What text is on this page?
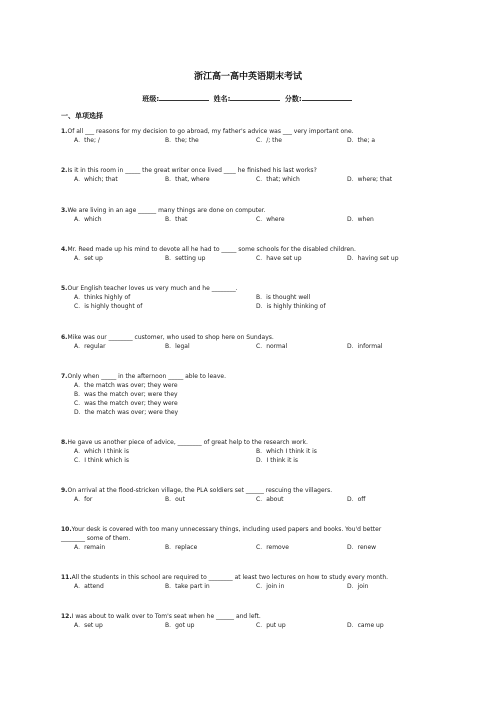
浙江高一高中英语期末考试
班级:	姓名:	分数:
一、单项选择
1.Of all ___ reasons for my decision to go abroad, my father's advice was ___ very important one.
A．the; /	B．the; the	C．/; the	D．the; a
2.Is it in this room in _____ the great writer once lived ____ he finished his last works?
A．which; that	B．that, where	C．that; which	D．where; that
3.We are living in an age ______ many things are done on computer.
A．which	B．that	C．where	D．when
4.Mr. Reed made up his mind to devote all he had to _____ some schools for the disabled children.
A．set up	B．setting up	C．have set up	D．having set up
5.Our English teacher loves us very much and he ________.
A．thinks highly of	B．is thought well
C．is highly thought of	D．is highly thinking of
6.Mike was our ________ customer, who used to shop here on Sundays.
A．regular	B．legal	C．normal	D．informal
7.Only when _____ in the afternoon _____ able to leave.
A．the match was over; they were
B．was the match over; were they
C．was the match over; they were
D．the match was over; were they
8.He gave us another piece of advice, ________ of great help to the research work.
A．which I think is	B．which I think it is
C．I think which is	D．I think it is
9.On arrival at the flood-stricken village, the PLA soldiers set ______ rescuing the villagers.
A．for	B．out	C．about	D．off
10.Your desk is covered with too many unnecessary things, including used papers and books. You'd better
________ some of them.
A．remain	B．replace	C．remove	D．renew
11.All the students in this school are required to ________ at least two lectures on how to study every month.
A．attend	B．take part in	C．join in	D．join
12.I was about to walk over to Tom's seat when he ______ and left.
A．set up	B．got up	C．put up	D．came up
